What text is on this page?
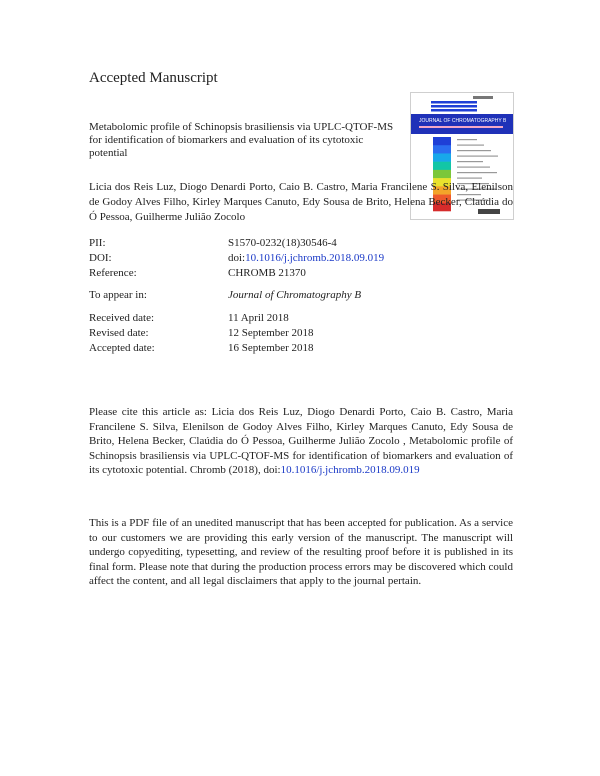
Accepted Manuscript
Metabolomic profile of Schinopsis brasiliensis via UPLC-QTOF-MS for identification of biomarkers and evaluation of its cytotoxic potential
JOURNAL OF CHROMATOGRAPHY B
Licia dos Reis Luz, Diogo Denardi Porto, Caio B. Castro, Maria Francilene S. Silva, Elenilson de Godoy Alves Filho, Kirley Marques Canuto, Edy Sousa de Brito, Helena Becker, Claúdia do Ó Pessoa, Guilherme Julião Zocolo
PII:	S1570-0232(18)30546-4
DOI:	doi:10.1016/j.jchromb.2018.09.019
Reference:	CHROMB 21370
To appear in:	Journal of Chromatography B
Received date:	11 April 2018
Revised date:	12 September 2018
Accepted date:	16 September 2018
Please cite this article as: Licia dos Reis Luz, Diogo Denardi Porto, Caio B. Castro, Maria Francilene S. Silva, Elenilson de Godoy Alves Filho, Kirley Marques Canuto, Edy Sousa de Brito, Helena Becker, Claúdia do Ó Pessoa, Guilherme Julião Zocolo , Metabolomic profile of Schinopsis brasiliensis via UPLC-QTOF-MS for identification of biomarkers and evaluation of its cytotoxic potential. Chromb (2018), doi:10.1016/j.jchromb.2018.09.019
This is a PDF file of an unedited manuscript that has been accepted for publication. As a service to our customers we are providing this early version of the manuscript. The manuscript will undergo copyediting, typesetting, and review of the resulting proof before it is published in its final form. Please note that during the production process errors may be discovered which could affect the content, and all legal disclaimers that apply to the journal pertain.
